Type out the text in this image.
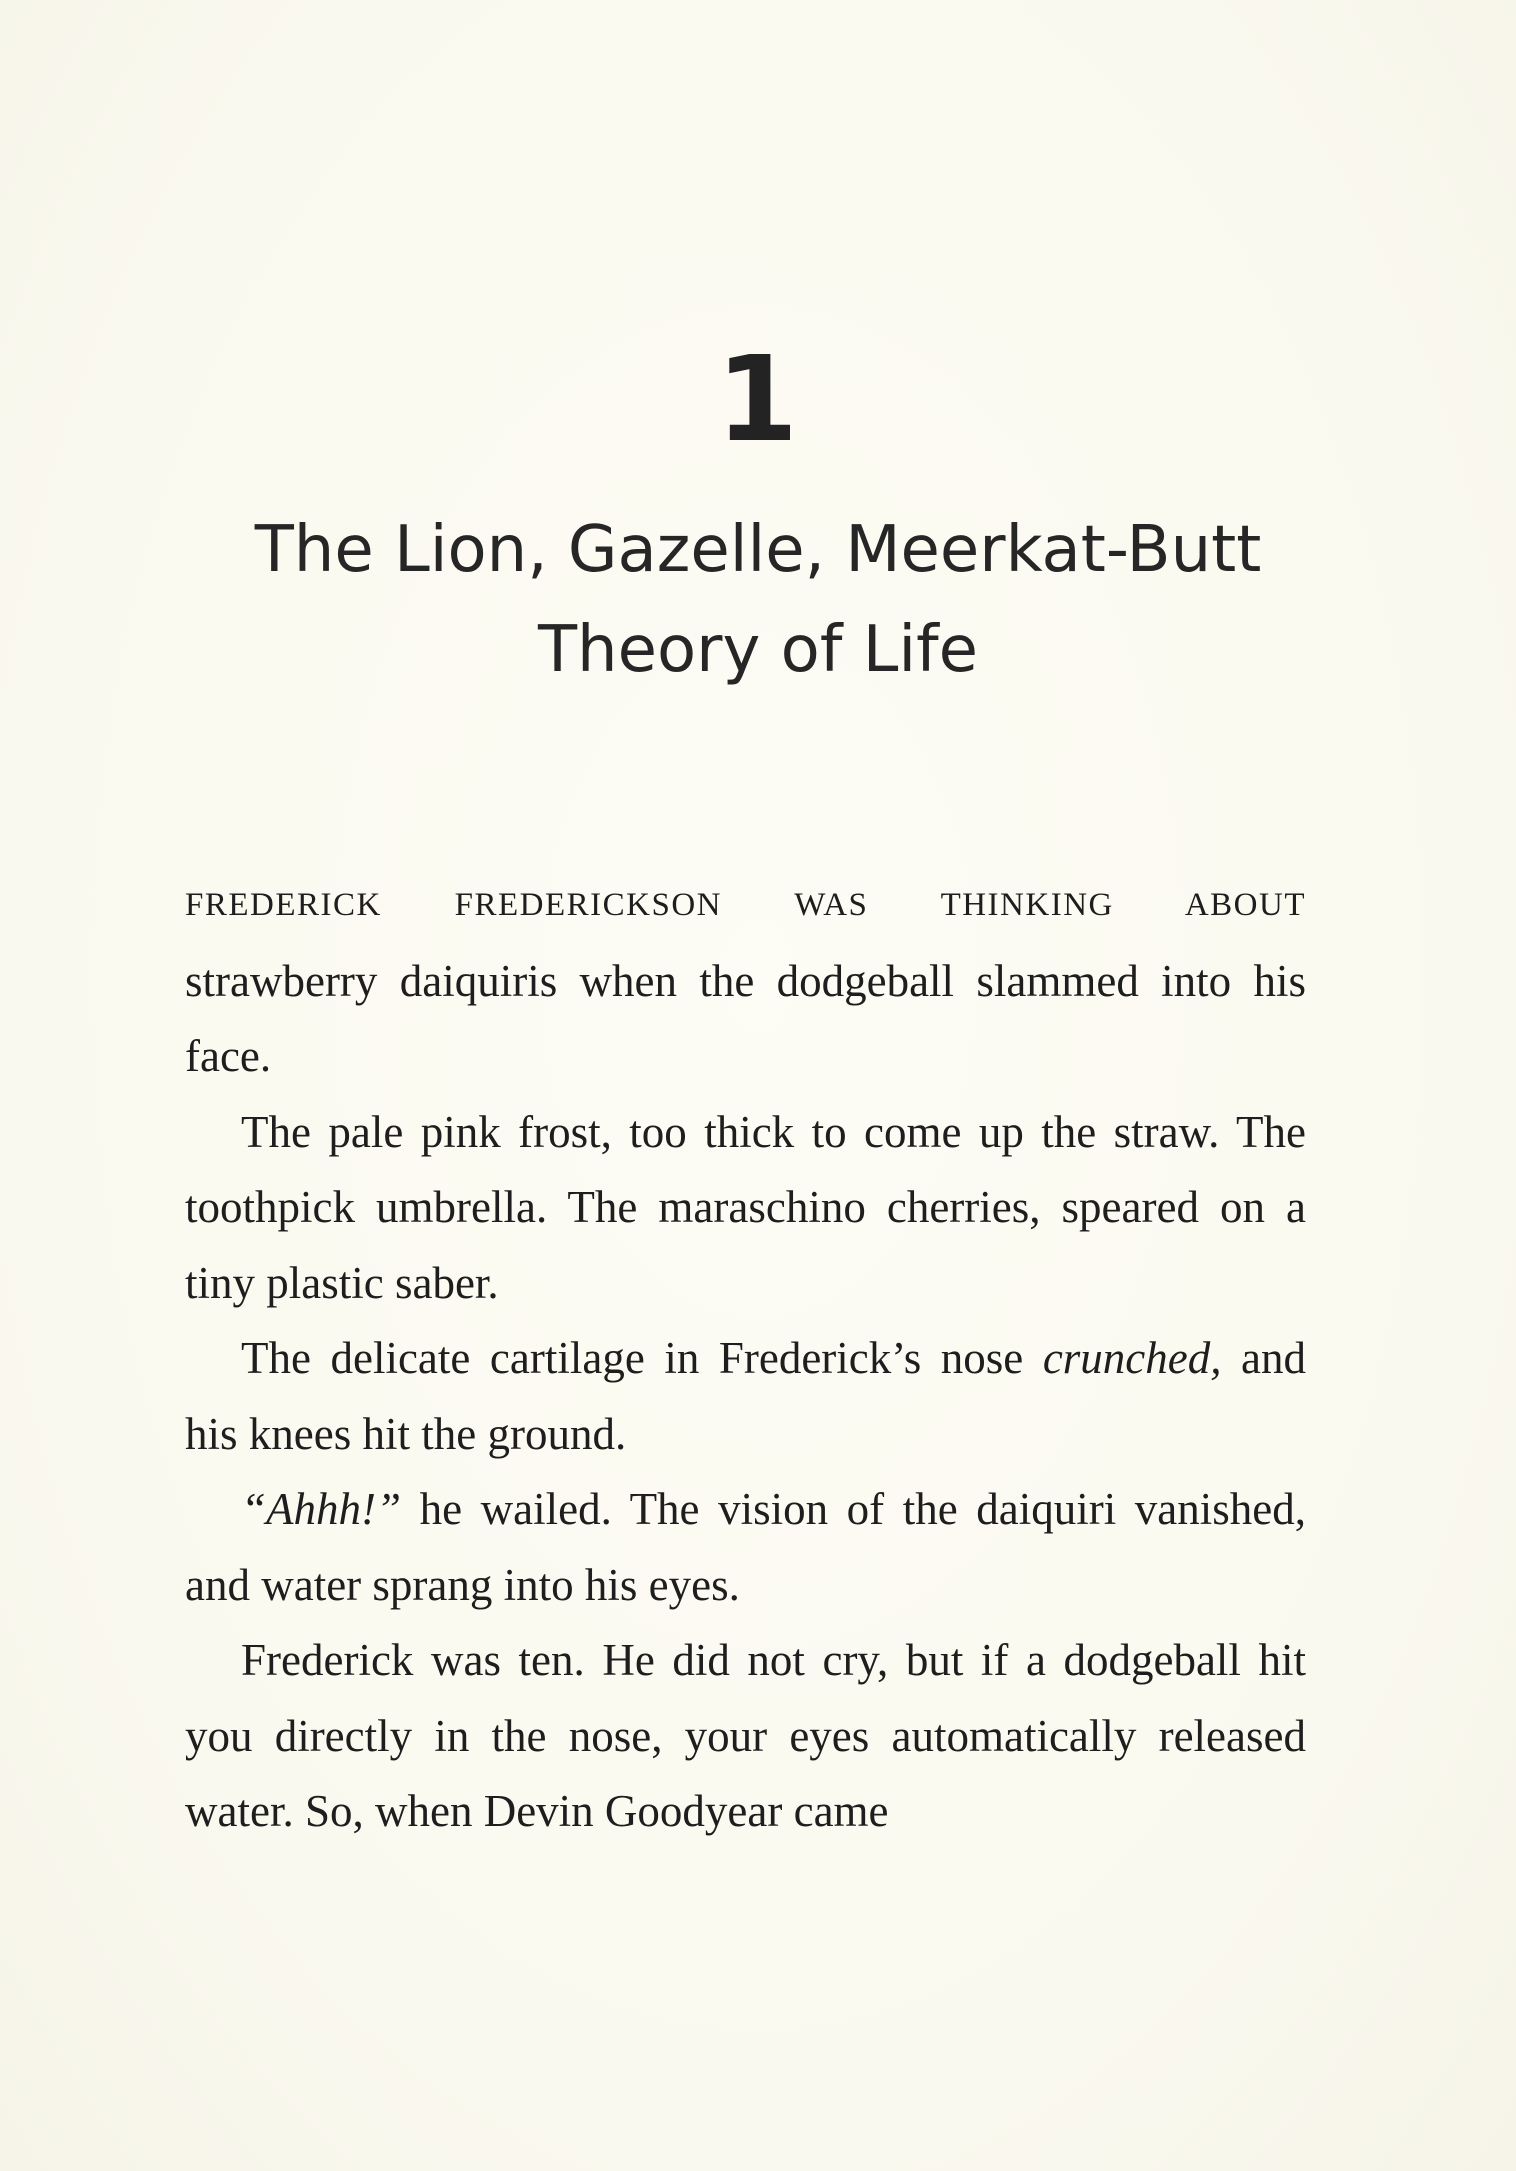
1
The Lion, Gazelle, Meerkat-Butt
Theory of Life

FREDERICK FREDERICKSON WAS THINKING ABOUT
strawberry daiquiris when the dodgeball slammed into his face.

The pale pink frost, too thick to come up the straw. The toothpick umbrella. The maraschino cherries, speared on a tiny plastic saber.

The delicate cartilage in Frederick’s nose crunched, and his knees hit the ground.

“Ahhh!” he wailed. The vision of the daiquiri vanished, and water sprang into his eyes.

Frederick was ten. He did not cry, but if a dodgeball hit you directly in the nose, your eyes automatically released water. So, when Devin Goodyear came
